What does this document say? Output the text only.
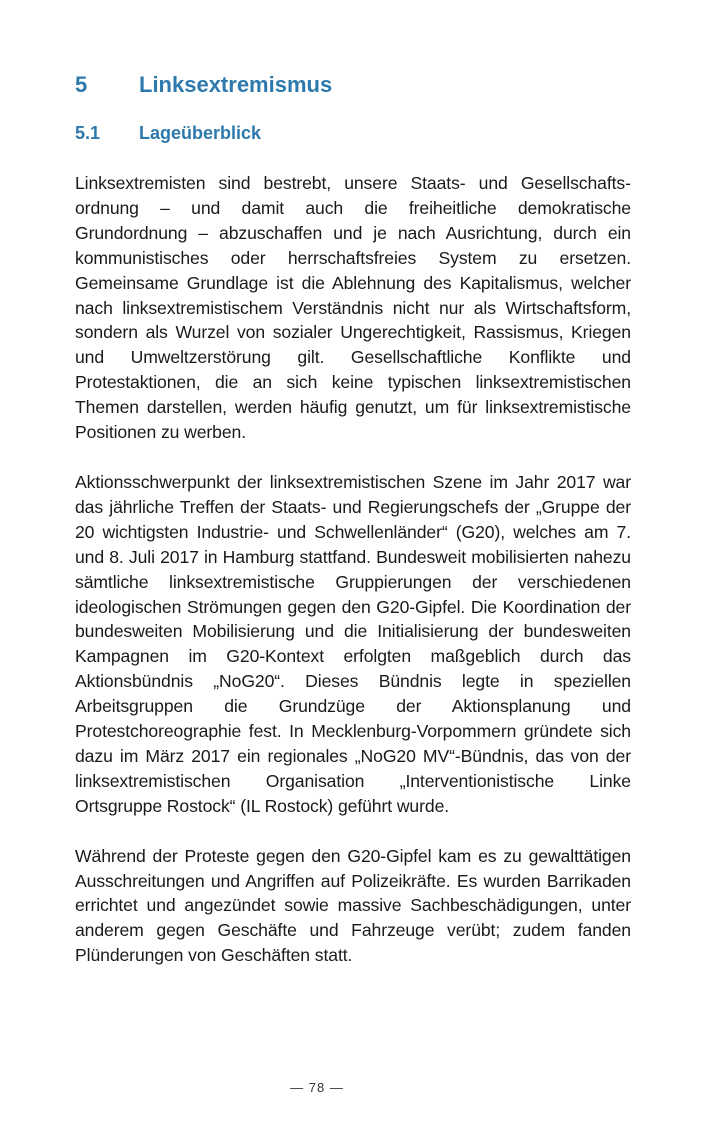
5	Linksextremismus
5.1	Lageüberblick

Linksextremisten sind bestrebt, unsere Staats- und Gesellschaftsordnung – und damit auch die freiheitliche demokratische Grundordnung – abzuschaffen und je nach Ausrichtung, durch ein kommunistisches oder herrschaftsfreies System zu ersetzen. Gemeinsame Grundlage ist die Ablehnung des Kapitalismus, welcher nach linksextremistischem Verständnis nicht nur als Wirtschaftsform, sondern als Wurzel von sozialer Ungerechtigkeit, Rassismus, Kriegen und Umweltzerstörung gilt. Gesellschaftliche Konflikte und Protestaktionen, die an sich keine typischen linksextremistischen Themen darstellen, werden häufig genutzt, um für linksextremistische Positionen zu werben.

Aktionsschwerpunkt der linksextremistischen Szene im Jahr 2017 war das jährliche Treffen der Staats- und Regierungschefs der „Gruppe der 20 wichtigsten Industrie- und Schwellenländer“ (G20), welches am 7. und 8. Juli 2017 in Hamburg stattfand. Bundesweit mobilisierten nahezu sämtliche linksextremistische Gruppierungen der verschiedenen ideologischen Strömungen gegen den G20-Gipfel. Die Koordination der bundesweiten Mobilisierung und die Initialisierung der bundesweiten Kampagnen im G20-Kontext erfolgten maßgeblich durch das Aktionsbündnis „NoG20“. Dieses Bündnis legte in speziellen Arbeitsgruppen die Grundzüge der Aktionsplanung und Protestchoreographie fest. In Mecklenburg-Vorpommern gründete sich dazu im März 2017 ein regionales „NoG20 MV“-Bündnis, das von der linksextremistischen Organisation „Interventionistische Linke Ortsgruppe Rostock“ (IL Rostock) geführt wurde.

Während der Proteste gegen den G20-Gipfel kam es zu gewalttätigen Ausschreitungen und Angriffen auf Polizeikräfte. Es wurden Barrikaden errichtet und angezündet sowie massive Sachbeschädigungen, unter anderem gegen Geschäfte und Fahrzeuge verübt; zudem fanden Plünderungen von Geschäften statt.

— 78 —
